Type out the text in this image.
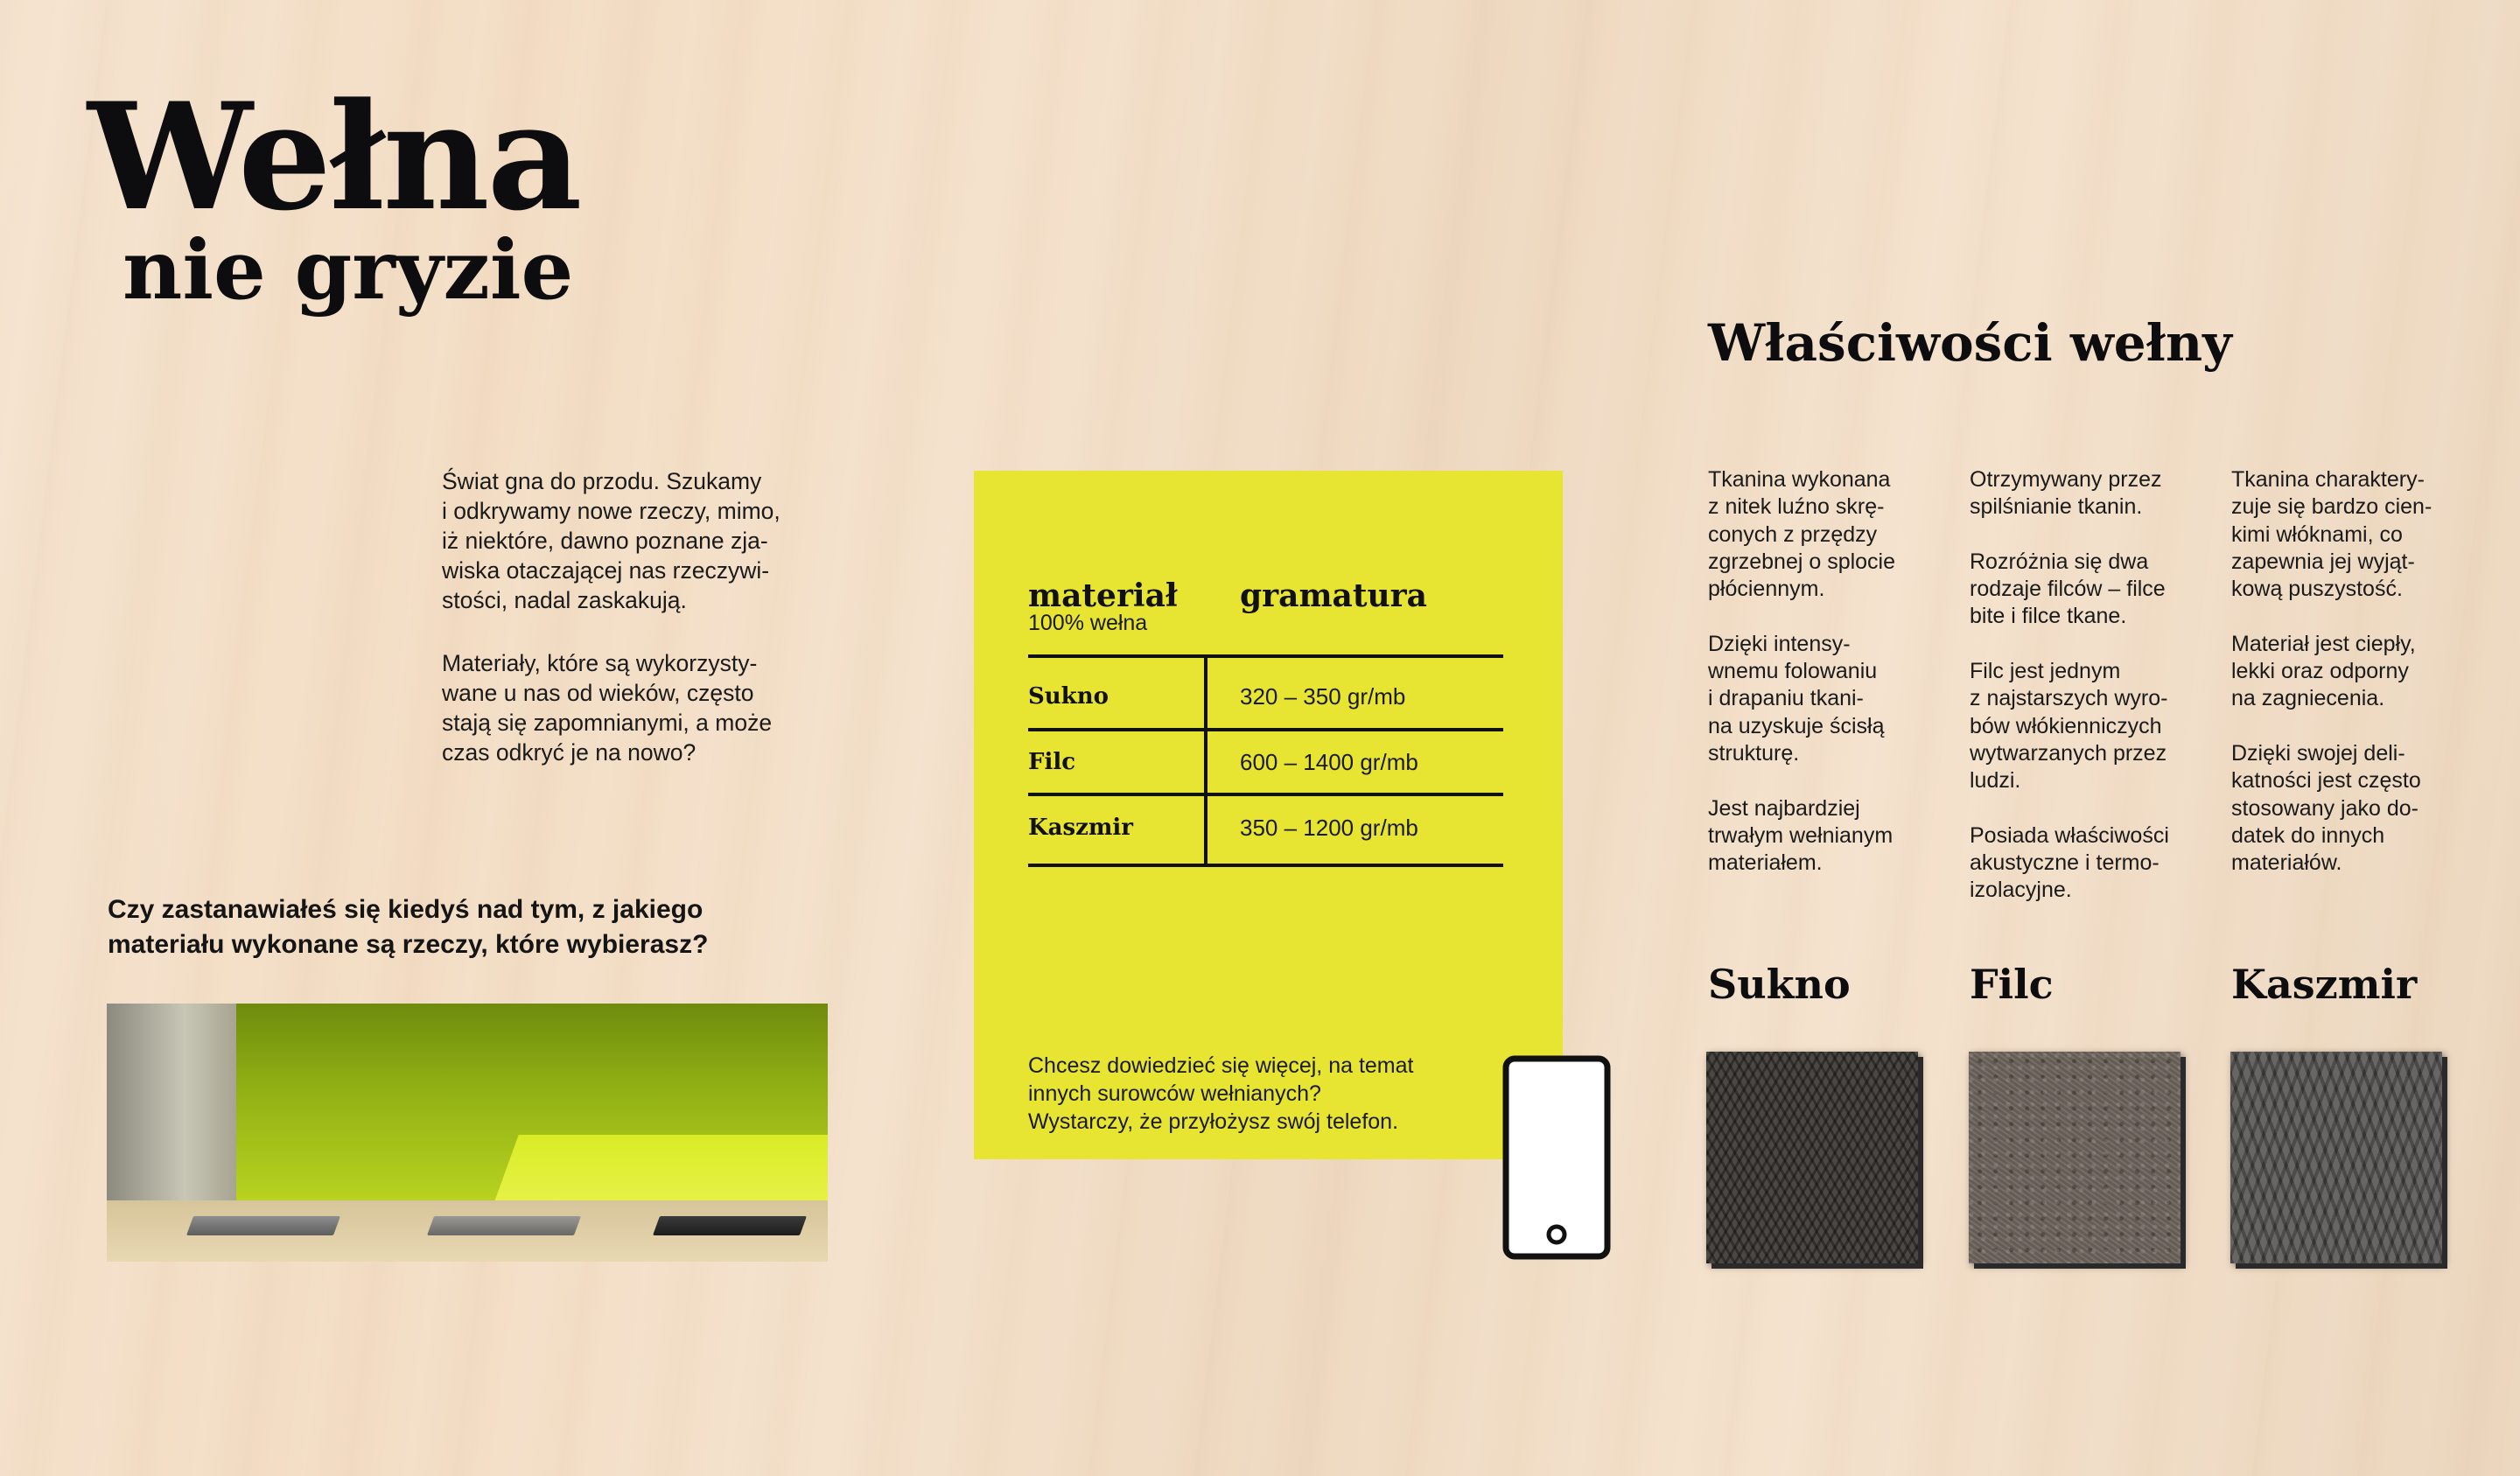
Wełna
nie gryzie
Świat gna do przodu. Szukamy
i odkrywamy nowe rzeczy, mimo,
iż niektóre, dawno poznane zja-
wiska otaczającej nas rzeczywi-
stości, nadal zaskakują.
Materiały, które są wykorzysty-
wane u nas od wieków, często
stają się zapomnianymi, a może
czas odkryć je na nowo?
Czy zastanawiałeś się kiedyś nad tym, z jakiego
materiału wykonane są rzeczy, które wybierasz?
materiał gramatura
100% wełna
Sukno	320 – 350 gr/mb
Filc	600 – 1400 gr/mb
Kaszmir	350 – 1200 gr/mb
Chcesz dowiedzieć się więcej, na temat
innych surowców wełnianych?
Wystarczy, że przyłożysz swój telefon.
Właściwości wełny
Tkanina wykonana
z nitek luźno skrę-
conych z przędzy
zgrzebnej o splocie
płóciennym.

Dzięki intensy-
wnemu folowaniu
i drapaniu tkani-
na uzyskuje ścisłą
strukturę.

Jest najbardziej
trwałym wełnianym
materiałem.
Otrzymywany przez
spilśnianie tkanin.

Rozróżnia się dwa
rodzaje filców – filce
bite i filce tkane.

Filc jest jednym
z najstarszych wyro-
bów włókienniczych
wytwarzanych przez
ludzi.

Posiada właściwości
akustyczne i termo-
izolacyjne.
Tkanina charaktery-
zuje się bardzo cien-
kimi włóknami, co
zapewnia jej wyjąt-
kową puszystość.

Materiał jest ciepły,
lekki oraz odporny
na zagniecenia.

Dzięki swojej deli-
katności jest często
stosowany jako do-
datek do innych
materiałów.
Sukno	Filc	Kaszmir
